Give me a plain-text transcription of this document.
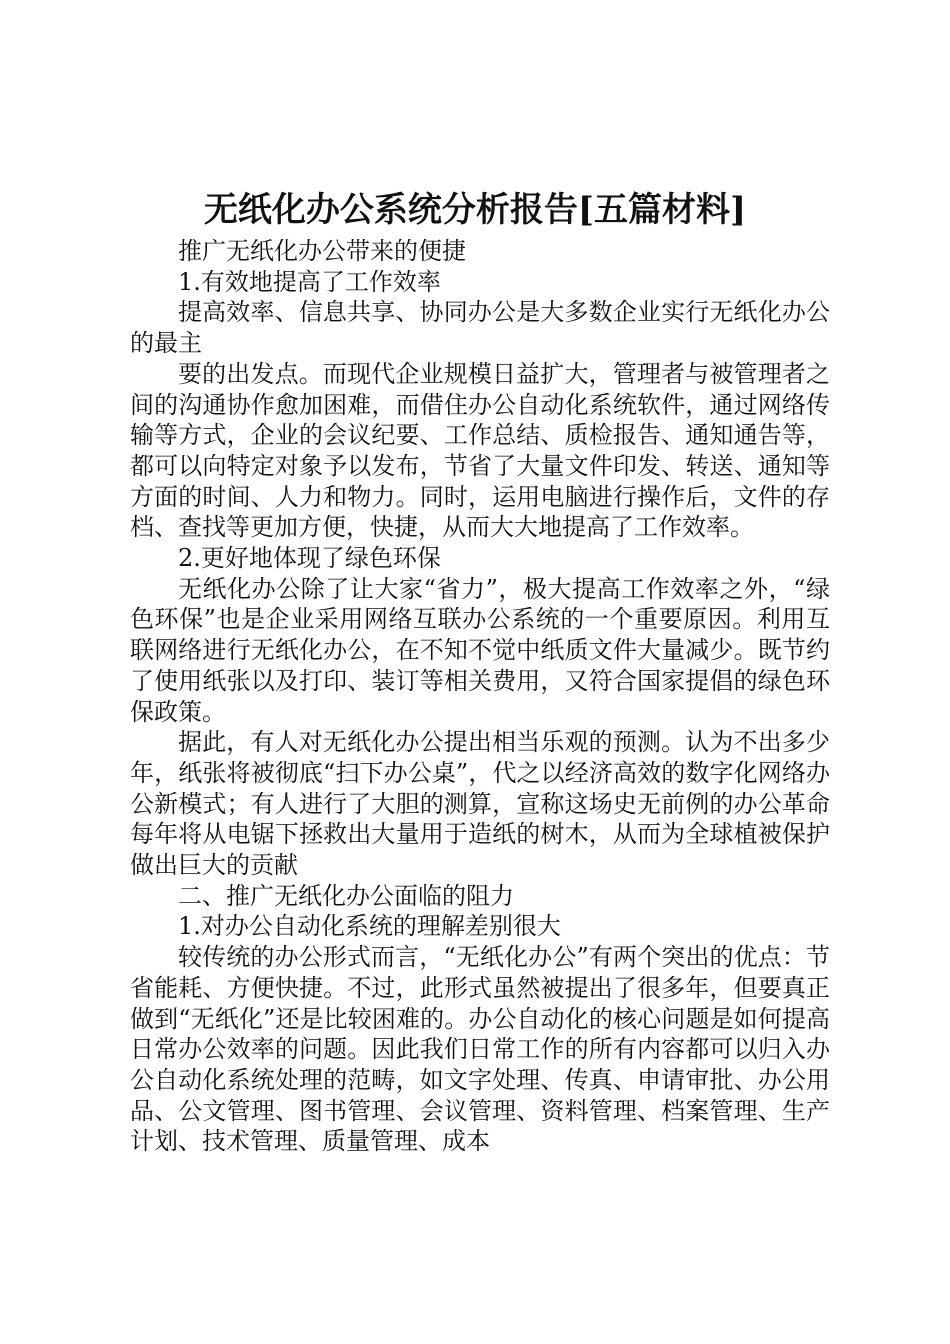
无纸化办公系统分析报告[五篇材料]

推广无纸化办公带来的便捷

1.有效地提高了工作效率

提高效率、信息共享、协同办公是大多数企业实行无纸化办公的最主

要的出发点。而现代企业规模日益扩大，管理者与被管理者之间的沟通协作愈加困难，而借住办公自动化系统软件，通过网络传输等方式，企业的会议纪要、工作总结、质检报告、通知通告等，都可以向特定对象予以发布，节省了大量文件印发、转送、通知等方面的时间、人力和物力。同时，运用电脑进行操作后，文件的存档、查找等更加方便，快捷，从而大大地提高了工作效率。

2.更好地体现了绿色环保

无纸化办公除了让大家“省力”，极大提高工作效率之外，“绿色环保”也是企业采用网络互联办公系统的一个重要原因。利用互联网络进行无纸化办公，在不知不觉中纸质文件大量减少。既节约了使用纸张以及打印、装订等相关费用，又符合国家提倡的绿色环保政策。

据此，有人对无纸化办公提出相当乐观的预测。认为不出多少年，纸张将被彻底“扫下办公桌”，代之以经济高效的数字化网络办公新模式；有人进行了大胆的测算，宣称这场史无前例的办公革命每年将从电锯下拯救出大量用于造纸的树木，从而为全球植被保护做出巨大的贡献

二、推广无纸化办公面临的阻力

1.对办公自动化系统的理解差别很大

较传统的办公形式而言，“无纸化办公”有两个突出的优点：节省能耗、方便快捷。不过，此形式虽然被提出了很多年，但要真正做到“无纸化”还是比较困难的。办公自动化的核心问题是如何提高日常办公效率的问题。因此我们日常工作的所有内容都可以归入办公自动化系统处理的范畴，如文字处理、传真、申请审批、办公用品、公文管理、图书管理、会议管理、资料管理、档案管理、生产计划、技术管理、质量管理、成本
